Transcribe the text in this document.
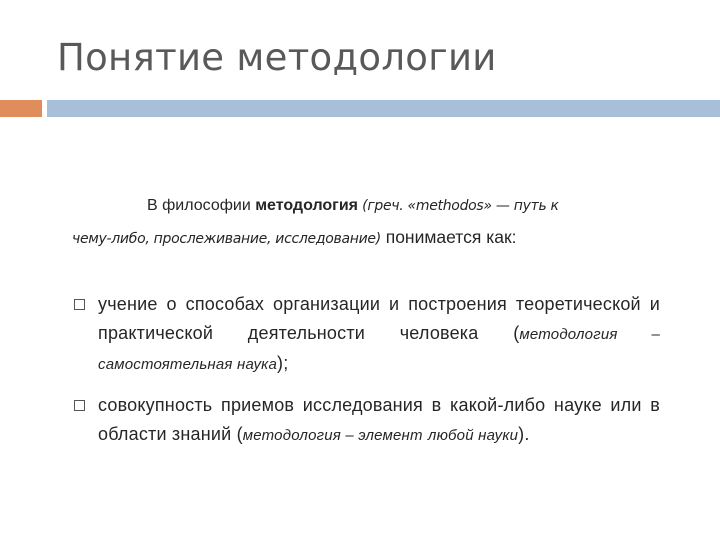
Понятие методологии
В философии методология (греч. «methodos» — путь к
чему-либо, прослеживание, исследование) понимается как:
учение о способах организации и построения теоретической и практической деятельности человека (методология – самостоятельная наука);
совокупность приемов исследования в какой-либо науке или в области знаний (методология – элемент любой науки).
